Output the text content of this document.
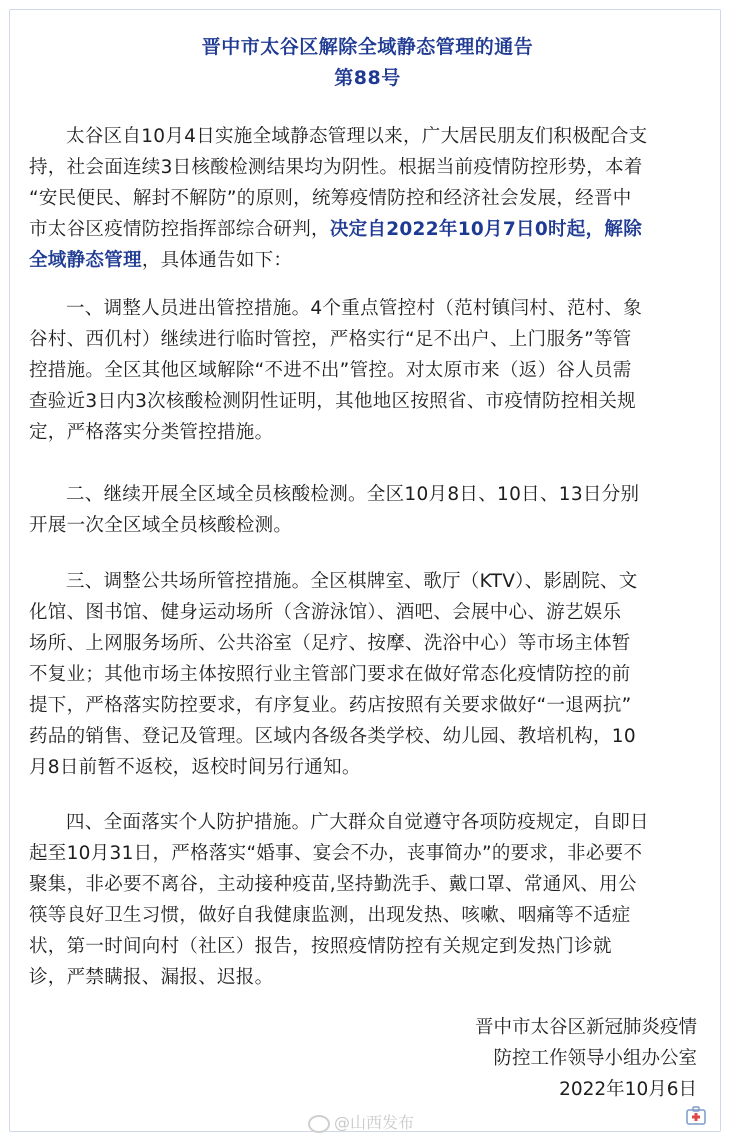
晋中市太谷区解除全域静态管理的通告
第88号
太谷区自10月4日实施全域静态管理以来，广大居民朋友们积极配合支
持，社会面连续3日核酸检测结果均为阴性。根据当前疫情防控形势，本着
“安民便民、解封不解防”的原则，统筹疫情防控和经济社会发展，经晋中
市太谷区疫情防控指挥部综合研判，决定自2022年10月7日0时起，解除
全域静态管理，具体通告如下：
一、调整人员进出管控措施。4个重点管控村（范村镇闫村、范村、象
谷村、西仉村）继续进行临时管控，严格实行“足不出户、上门服务”等管
控措施。全区其他区域解除“不进不出”管控。对太原市来（返）谷人员需
查验近3日内3次核酸检测阴性证明，其他地区按照省、市疫情防控相关规
定，严格落实分类管控措施。
二、继续开展全区域全员核酸检测。全区10月8日、10日、13日分别
开展一次全区域全员核酸检测。
三、调整公共场所管控措施。全区棋牌室、歌厅（KTV）、影剧院、文
化馆、图书馆、健身运动场所（含游泳馆）、酒吧、会展中心、游艺娱乐
场所、上网服务场所、公共浴室（足疗、按摩、洗浴中心）等市场主体暂
不复业；其他市场主体按照行业主管部门要求在做好常态化疫情防控的前
提下，严格落实防控要求，有序复业。药店按照有关要求做好“一退两抗”
药品的销售、登记及管理。区域内各级各类学校、幼儿园、教培机构，10
月8日前暂不返校，返校时间另行通知。
四、全面落实个人防护措施。广大群众自觉遵守各项防疫规定，自即日
起至10月31日，严格落实“婚事、宴会不办，丧事简办”的要求，非必要不
聚集，非必要不离谷，主动接种疫苗,坚持勤洗手、戴口罩、常通风、用公
筷等良好卫生习惯，做好自我健康监测，出现发热、咳嗽、咽痛等不适症
状，第一时间向村（社区）报告，按照疫情防控有关规定到发热门诊就
诊，严禁瞒报、漏报、迟报。
晋中市太谷区新冠肺炎疫情
防控工作领导小组办公室
2022年10月6日
@山西发布
